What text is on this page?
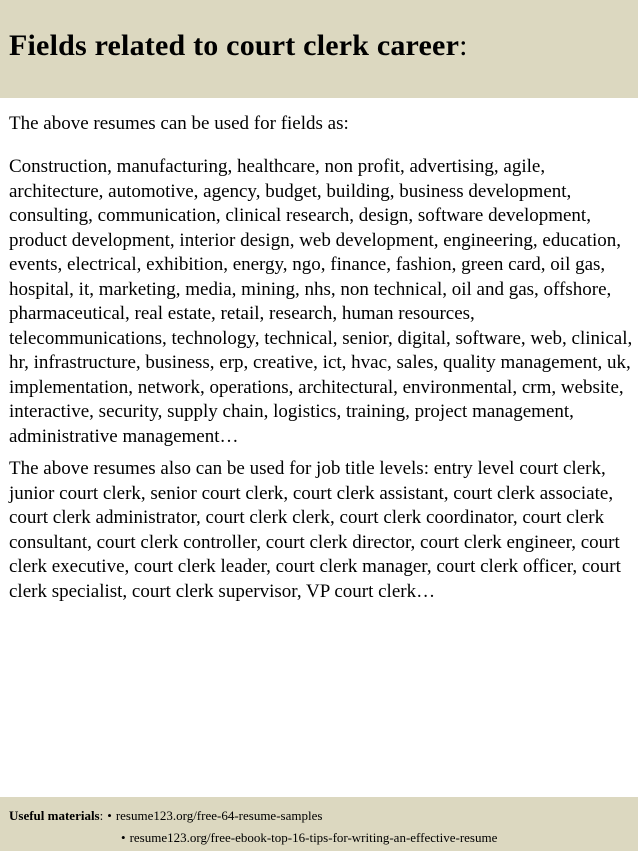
Fields related to court clerk career:

The above resumes can be used for fields as:

Construction, manufacturing, healthcare, non profit, advertising, agile, architecture, automotive, agency, budget, building, business development, consulting, communication, clinical research, design, software development, product development, interior design, web development, engineering, education, events, electrical, exhibition, energy, ngo, finance, fashion, green card, oil gas, hospital, it, marketing, media, mining, nhs, non technical, oil and gas, offshore, pharmaceutical, real estate, retail, research, human resources, telecommunications, technology, technical, senior, digital, software, web, clinical, hr, infrastructure, business, erp, creative, ict, hvac, sales, quality management, uk, implementation, network, operations, architectural, environmental, crm, website, interactive, security, supply chain, logistics, training, project management, administrative management…

The above resumes also can be used for job title levels: entry level court clerk, junior court clerk, senior court clerk, court clerk assistant, court clerk associate, court clerk administrator, court clerk clerk, court clerk coordinator, court clerk consultant, court clerk controller, court clerk director, court clerk engineer, court clerk executive, court clerk leader, court clerk manager, court clerk officer, court clerk specialist, court clerk supervisor, VP court clerk…

Useful materials : • resume123.org/free-64-resume-samples
• resume123.org/free-ebook-top-16-tips-for-writing-an-effective-resume
